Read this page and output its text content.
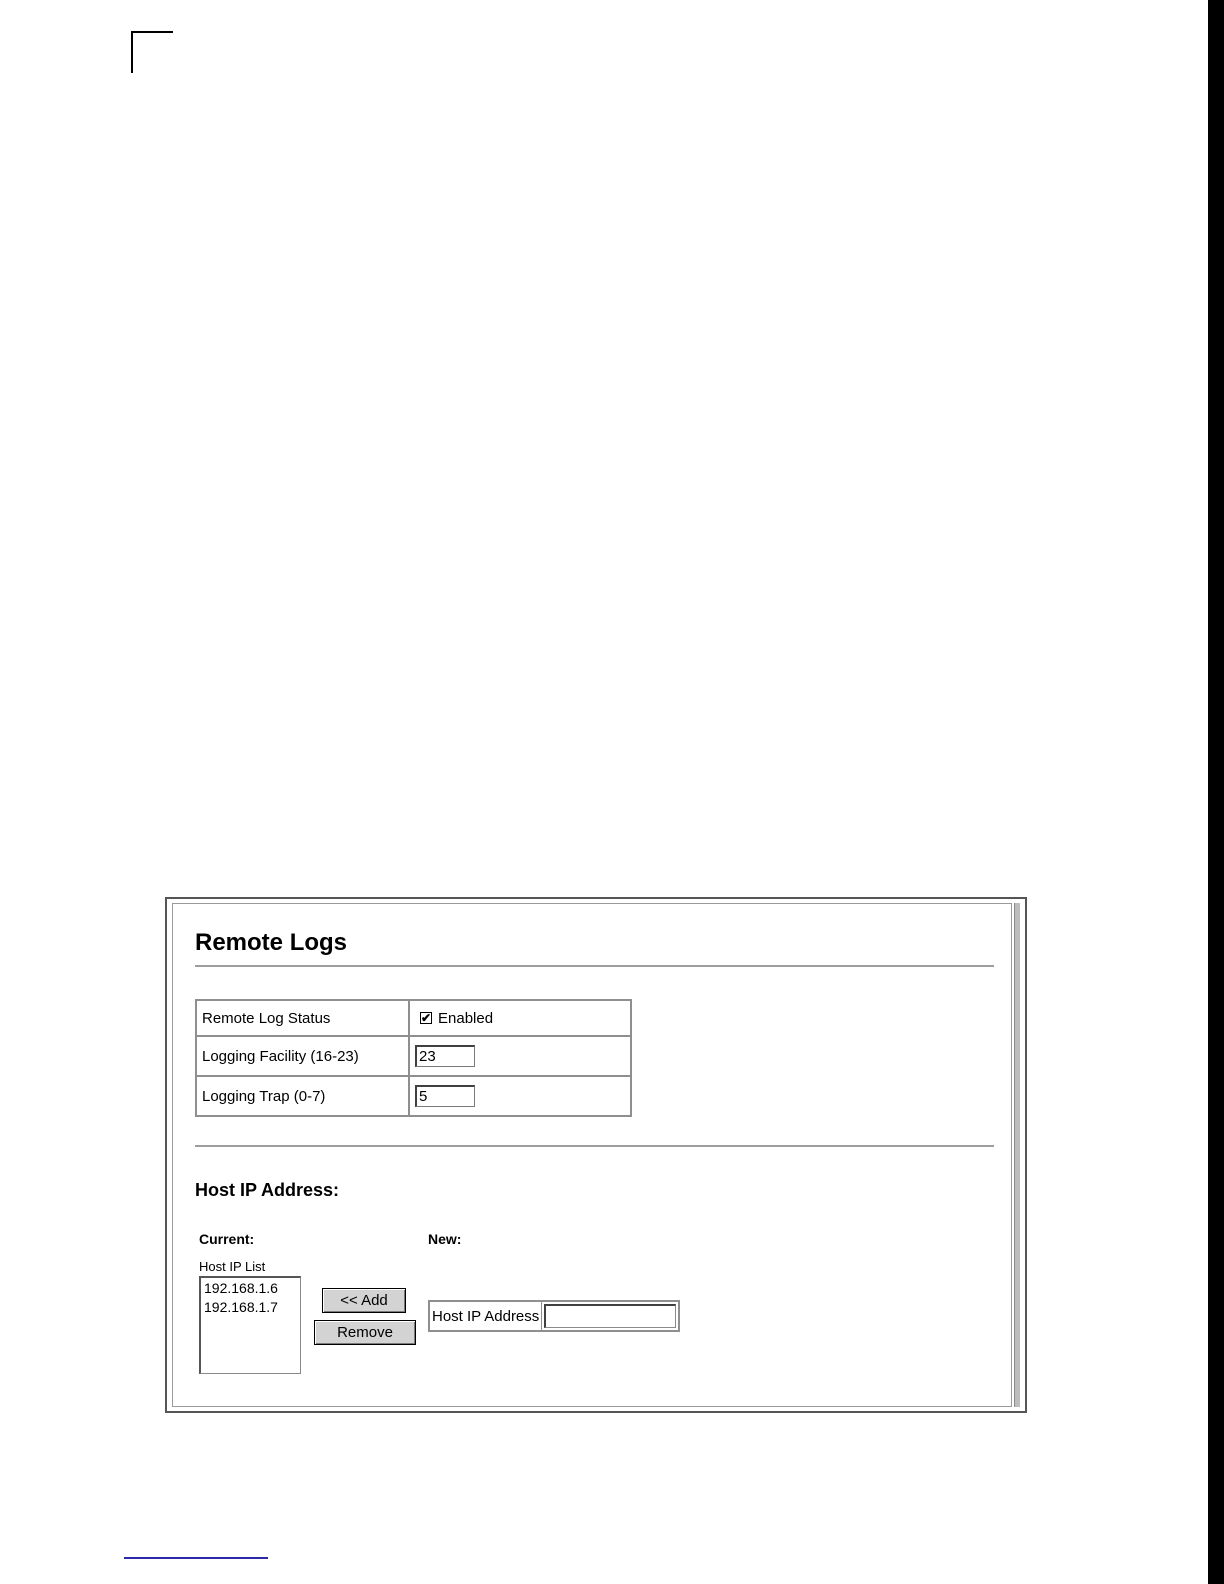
Remote Logs
Remote Log Status	✔ Enabled

Logging Facility (16-23)	23
Logging Trap (0-7)	5
Host IP Address:
Current:	New:
Host IP List
192.168.1.6
192.168.1.7	<< Add
Remove
Host IP Address	
